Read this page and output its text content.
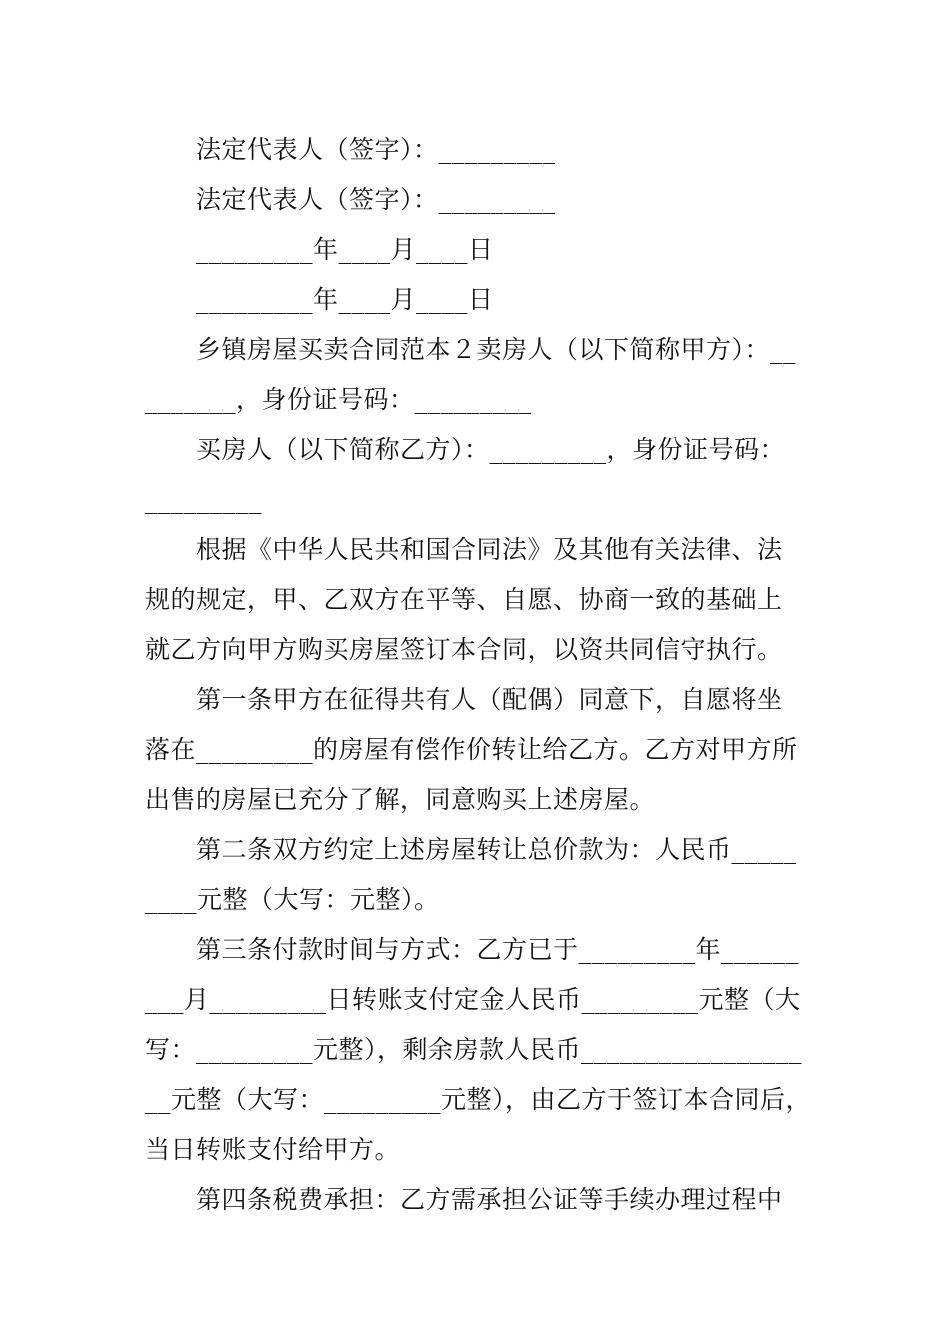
　　法定代表人（签字）：_________
　　法定代表人（签字）：_________
　　_________年____月____日
　　_________年____月____日
　　乡镇房屋买卖合同范本２卖房人（以下简称甲方）：__
_______，身份证号码：_________
　　买房人（以下简称乙方）：_________，身份证号码：
_________
　　根据《中华人民共和国合同法》及其他有关法律、法
规的规定，甲、乙双方在平等、自愿、协商一致的基础上
就乙方向甲方购买房屋签订本合同，以资共同信守执行。
　　第一条甲方在征得共有人（配偶）同意下，自愿将坐
落在_________的房屋有偿作价转让给乙方。乙方对甲方所
出售的房屋已充分了解，同意购买上述房屋。
　　第二条双方约定上述房屋转让总价款为：人民币_____
____元整（大写：元整）。
　　第三条付款时间与方式：乙方已于_________年______
___月_________日转账支付定金人民币_________元整（大
写：_________元整），剩余房款人民币_________________
__元整（大写：_________元整），由乙方于签订本合同后，
当日转账支付给甲方。
　　第四条税费承担：乙方需承担公证等手续办理过程中
